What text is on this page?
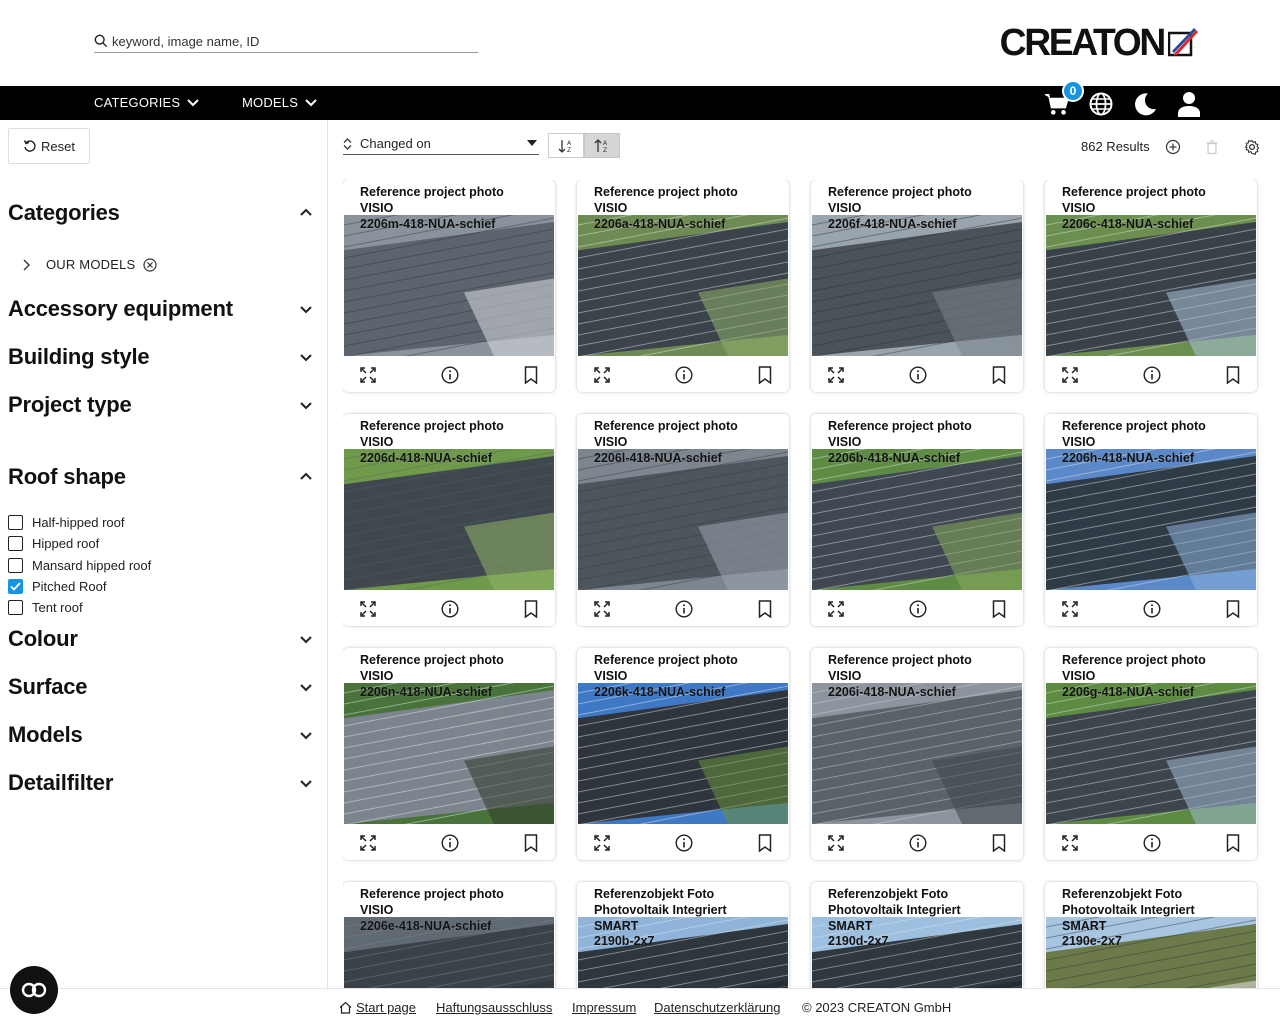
keyword, image name, ID
CREATON
CATEGORIES	MODELS
0
Reset
Categories
OUR MODELS
Accessory equipment
Building style
Project type
Roof shape
Half-hipped roof
Hipped roof
Mansard hipped roof
Pitched Roof
Tent roof
Colour
Surface
Models
Detailfilter
Changed on	A
Z
A
Z	862 Results
Reference project photo
VISIO
2206m-418-NUA-schief
Reference project photo
VISIO
2206a-418-NUA-schief
Reference project photo
VISIO
2206f-418-NUA-schief
Reference project photo
VISIO
2206c-418-NUA-schief
Reference project photo
VISIO
2206d-418-NUA-schief
Reference project photo
VISIO
2206l-418-NUA-schief
Reference project photo
VISIO
2206b-418-NUA-schief
Reference project photo
VISIO
2206h-418-NUA-schief
Reference project photo
VISIO
2206n-418-NUA-schief
Reference project photo
VISIO
2206k-418-NUA-schief
Reference project photo
VISIO
2206i-418-NUA-schief
Reference project photo
VISIO
2206g-418-NUA-schief
Reference project photo
VISIO
2206e-418-NUA-schief
Referenzobjekt Foto
Photovoltaik Integriert
SMART
2190b-2x7
Referenzobjekt Foto
Photovoltaik Integriert
SMART
2190d-2x7
Referenzobjekt Foto
Photovoltaik Integriert
SMART
2190e-2x7
Start page Haftungsausschluss Impressum Datenschutzerklärung © 2023 CREATON GmbH
